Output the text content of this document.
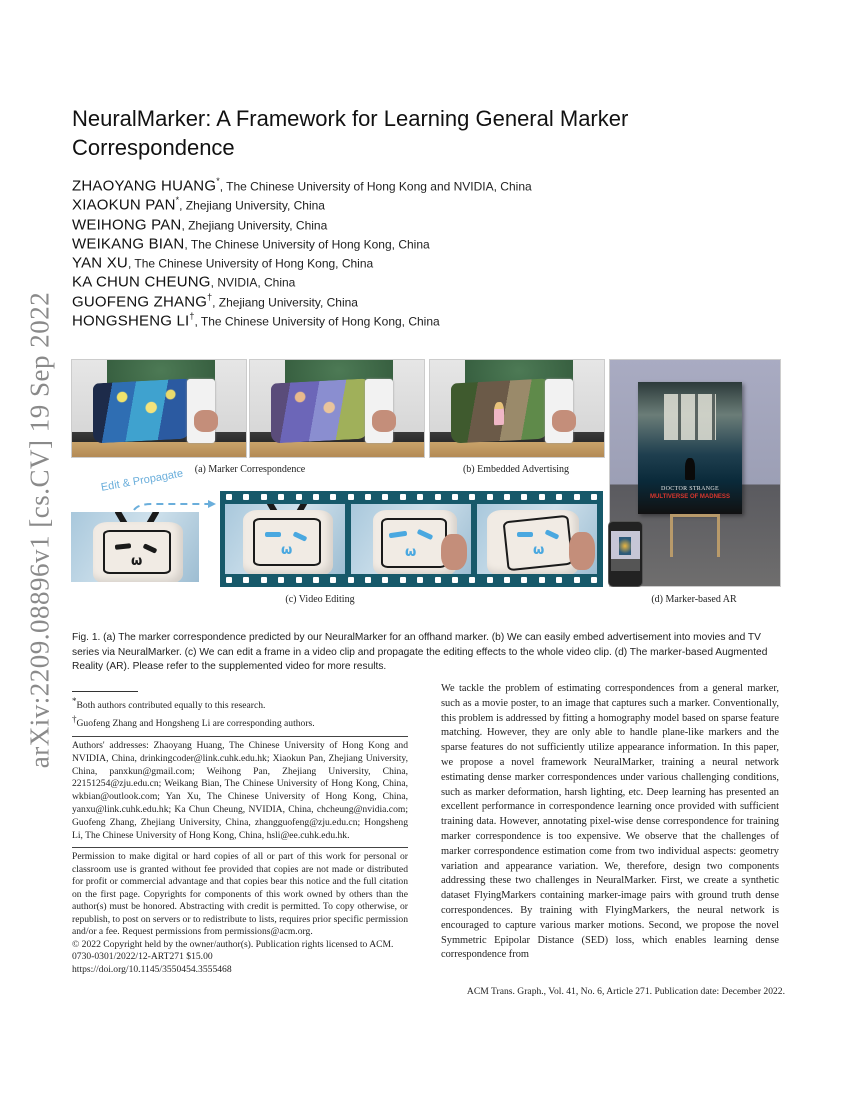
arXiv:2209.08896v1 [cs.CV] 19 Sep 2022
NeuralMarker: A Framework for Learning General Marker Correspondence
ZHAOYANG HUANG*, The Chinese University of Hong Kong and NVIDIA, China
XIAOKUN PAN*, Zhejiang University, China
WEIHONG PAN, Zhejiang University, China
WEIKANG BIAN, The Chinese University of Hong Kong, China
YAN XU, The Chinese University of Hong Kong, China
KA CHUN CHEUNG, NVIDIA, China
GUOFENG ZHANG†, Zhejiang University, China
HONGSHENG LI†, The Chinese University of Hong Kong, China
(a) Marker Correspondence	(b) Embedded Advertising
ω
Edit & Propagate
ω	ω	ω
DOCTOR STRANGE
MULTIVERSE OF MADNESS
(c) Video Editing	(d) Marker-based AR
Fig. 1. (a) The marker correspondence predicted by our NeuralMarker for an offhand marker. (b) We can easily embed advertisement into movies and TV series via NeuralMarker. (c) We can edit a frame in a video clip and propagate the editing effects to the whole video clip. (d) The marker-based Augmented Reality (AR). Please refer to the supplemented video for more results.
*Both authors contributed equally to this research.
†Guofeng Zhang and Hongsheng Li are corresponding authors.
Authors' addresses: Zhaoyang Huang, The Chinese University of Hong Kong and NVIDIA, China, drinkingcoder@link.cuhk.edu.hk; Xiaokun Pan, Zhejiang University, China, panxkun@gmail.com; Weihong Pan, Zhejiang University, China, 22151254@zju.edu.cn; Weikang Bian, The Chinese University of Hong Kong, China, wkbian@outlook.com; Yan Xu, The Chinese University of Hong Kong, China, yanxu@link.cuhk.edu.hk; Ka Chun Cheung, NVIDIA, China, chcheung@nvidia.com; Guofeng Zhang, Zhejiang University, China, zhangguofeng@zju.edu.cn; Hongsheng Li, The Chinese University of Hong Kong, China, hsli@ee.cuhk.edu.hk.
Permission to make digital or hard copies of all or part of this work for personal or classroom use is granted without fee provided that copies are not made or distributed for profit or commercial advantage and that copies bear this notice and the full citation on the first page. Copyrights for components of this work owned by others than the author(s) must be honored. Abstracting with credit is permitted. To copy otherwise, or republish, to post on servers or to redistribute to lists, requires prior specific permission and/or a fee. Request permissions from permissions@acm.org.
© 2022 Copyright held by the owner/author(s). Publication rights licensed to ACM.
0730-0301/2022/12-ART271 $15.00
https://doi.org/10.1145/3550454.3555468
We tackle the problem of estimating correspondences from a general marker, such as a movie poster, to an image that captures such a marker. Conventionally, this problem is addressed by fitting a homography model based on sparse feature matching. However, they are only able to handle plane-like markers and the sparse features do not sufficiently utilize appearance information. In this paper, we propose a novel framework NeuralMarker, training a neural network estimating dense marker correspondences under various challenging conditions, such as marker deformation, harsh lighting, etc. Deep learning has presented an excellent performance in correspondence learning once provided with sufficient training data. However, annotating pixel-wise dense correspondence for training marker correspondence is too expensive. We observe that the challenges of marker correspondence estimation come from two individual aspects: geometry variation and appearance variation. We, therefore, design two components addressing these two challenges in NeuralMarker. First, we create a synthetic dataset FlyingMarkers containing marker-image pairs with ground truth dense correspondences. By training with FlyingMarkers, the neural network is encouraged to capture various marker motions. Second, we propose the novel Symmetric Epipolar Distance (SED) loss, which enables learning dense correspondence from
ACM Trans. Graph., Vol. 41, No. 6, Article 271. Publication date: December 2022.
